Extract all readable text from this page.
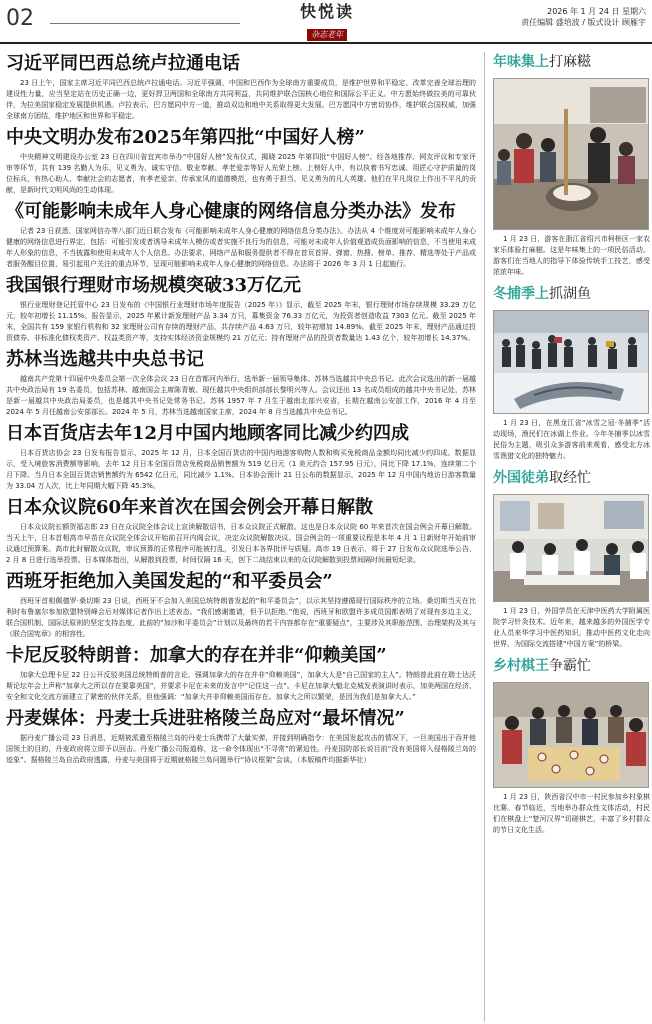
02	快悦读
杂志老年
2026 年 1 月 24 日 星期六
责任编辑 盛培波 / 版式设计 顾雁宇
习近平同巴西总统卢拉通电话

23 日上午，国家主席习近平同巴西总统卢拉通电话。习近平强调，中国和巴西作为全球南方重要成员，是维护世界和平稳定、改革完善全球治理的建设性力量，应当坚定站在历史正确一边，更好捍卫两国和全球南方共同利益，共同维护联合国核心地位和国际公平正义。中方愿始终做拉美的可靠伙伴，为拉美国家稳定发展提供机遇。卢拉表示，巴方愿同中方一道，推动双边和地中关系取得更大发展。巴方愿同中方密切协作，维护联合国权威，加强全球南方团结，维护地区和世界和平稳定。

中央文明办发布2025年第四批“中国好人榜”

中央精神文明建设办公室 23 日在四川省宜宾市举办“中国好人榜”发布仪式，揭晓 2025 年第四批“中国好人榜”。经各地推荐、网友评议和专家评审等环节，共有 139 名勤人为乐、见义勇为、诚实守信、敬业奉献、孝老爱亲等好人光荣上榜。上榜好人中，有以执着书写忠诚、用匠心守护质量的岗位标兵，有热心助人、奉献社会的志愿者，有孝老爱亲、传承家风的道德模范，也有勇于担当、见义勇为的凡人英雄。他们在平凡岗位上作出不平凡的贡献，是新时代文明风尚的生动体现。

《可能影响未成年人身心健康的网络信息分类办法》发布

记者 23 日获悉，国家网信办等八部门近日联合发布《可能影响未成年人身心健康的网络信息分类办法》。办法从 4 个维度对可能影响未成年人身心健康的网络信息进行界定，包括：可能引发或者诱导未成年人模仿或者实施不良行为的信息，可能对未成年人价值观造成负面影响的信息，不当使用未成年人形象的信息，不当披露和使用未成年人个人信息。办法要求，网络产品和服务提供者不得在首页首屏、弹窗、热搜、榜单、推荐、精选等处于产品或者服务醒目位置、易引起用户关注的重点环节，呈现可能影响未成年人身心健康的网络信息。办法将于 2026 年 3 月 1 日起施行。

我国银行理财市场规模突破33万亿元

银行业理财登记托管中心 23 日发布的《中国银行业理财市场年度报告（2025 年）》显示，截至 2025 年末，银行理财市场存续规模 33.29 万亿元，较年初增长 11.15%。报告显示，2025 年累计新发理财产品 3.34 万只，募集资金 76.33 万亿元，为投资者创造收益 7303 亿元。截至 2025 年末，全国共有 159 家银行机构和 32 家理财公司有存续的理财产品，共存续产品 4.63 万只，较年初增加 14.89%。截至 2025 年末，理财产品通过投资债券、非标准化债权类资产、权益类资产等，支持实体经济资金规模约 21 万亿元；持有理财产品的投资者数量达 1.43 亿个，较年初增长 14.37%。

苏林当选越共中央总书记

越南共产党第十四届中央委员会第一次全体会议 23 日在首都河内举行，选举新一届领导集体。苏林当选越共中央总书记。此次会议选出的新一届越共中央政治局有 19 名委员，包括苏林、越南国会主席陈青敏、现任越共中央组织部部长黎明兴等人。会议还出 13 名成员组成的越共中央书记处，苏林是新一届越共中央政治局委员，也是越共中央书记处常务书记。苏林 1957 年 7 月生于越南北部兴安省，长期在越南公安部工作，2016 年 4 月至 2024 年 5 月任越南公安部部长。2024 年 5 月，苏林当选越南国家主席，2024 年 8 月当选越共中央总书记。

日本百货店去年12月中国内地顾客同比减少约四成

日本百货店协会 23 日发布报告显示，2025 年 12 月，日本全国百货店的中国内地游客购物人数和购买免税商品金额均同比减少约四成。数据显示，受入境旅客消费额等影响，去年 12 月日本全国百货店免税商品销售额为 519 亿日元（1 美元约合 157.95 日元），同比下降 17.1%，连续第二个月下降。当月日本全国百货店销售额约为 6542 亿日元，同比减少 1.1%。日本协会预计 21 日公布的数据显示，2025 年 12 月中国内地访日游客数量为 33.04 万人次，比上年同期大幅下降 45.3%。

日本众议院60年来首次在国会例会开幕日解散

日本众议院长额贺福志郎 23 日在众议院全体会议上宣读解散诏书，日本众议院正式解散。这也是日本众议院 60 年来首次在国会例会开幕日解散。当天上午，日本首相高市早苗在众议院全体会议开始前召开内阁会议，决定众议院解散决议。国会例会的一项重要议程是本年 4 月 1 日新财年开始前审议通过预算案。高市此时解散众议院，审议预算的正常程序可能被打乱，引发日本各界批评与质疑。高市 19 日表示，将于 27 日发布众议院选举公告，2 月 8 日进行选举投票。日本媒体指出，从解散到投票，时间仅隔 16 天，创下二战结束以来的众议院解散到投票间隔时间最短纪录。

西班牙拒绝加入美国发起的“和平委员会”

西班牙首相佩德罗·桑切斯 23 日说，西班牙不会加入美国总统特朗普发起的“和平委员会”，以示其坚持遵循现行国际秩序的立场。桑切斯当天在比利时布鲁塞尔参加欧盟特别峰会后对媒体记者作出上述表态。“我们感谢邀请，但予以拒绝。”他说，西班牙和欧盟许多成员国都表明了对现有多边主义、联合国机制、国际法原则的坚定支持态度，此前的“加沙和平委员会”计划以及最终的若干内容都存在“重要疑点”，主要涉及其职能范围、治理架构及其与《联合国宪章》的相容性。

卡尼反驳特朗普：加拿大的存在并非“仰赖美国”

加拿大总理卡尼 22 日公开反驳美国总统特朗普的言论，强调加拿大的存在并非“仰赖美国”，加拿大人是“自己国家的主人”。特朗普此前在瑞士达沃斯论坛年会上声称“加拿大之所以存在要靠美国”，并要求卡尼在未来的发言中“记住这一点”。卡尼在加拿大魁北克城发表演讲时表示，加美两国在经济、安全和文化交流方面建立了紧密的伙伴关系，但他强调：“加拿大并非仰赖美国而存在。加拿大之所以繁荣，是因为我们是加拿大人。”

丹麦媒体：丹麦士兵进驻格陵兰岛应对“最坏情况”

据丹麦广播公司 23 日消息，近期被派遣至格陵兰岛的丹麦士兵携带了大量实弹，并接到明确指令：在美国发起攻击的情况下，一旦美国出于吞并他国领土的目的，丹麦政府将立即予以回击。丹麦广播公司报道称，这一命令体现出“不寻常”的紧迫性。丹麦国防部长说目前“没有美国将入侵格陵兰岛的迹象”。据格陵兰岛自治政府透露，丹麦与美国将于近期就格陵兰岛问题举行“协议框架”会谈。（本版稿件均据新华社）

年味集上打麻糍
1 月 23 日，游客在浙江省绍兴市柯桥区一家农家乐体验打麻糍。这是年味集上的一项民俗活动。游客们在当地人的指导下体验传统手工技艺，感受浓浓年味。
冬捕季上抓湖鱼
1 月 23 日，在黑龙江省“冰雪之冠·冬捕季”活动现场，渔民们在冰湖上作业。今年冬捕季以冰雪民俗为主题，吸引众多游客前来观看，感受北方冰雪渔猎文化的独特魅力。
外国徒弟取经忙
1 月 23 日，外国学员在天津中医药大学附属医院学习针灸技术。近年来，越来越多的外国医学专业人员来华学习中医药知识，推动中医药文化走向世界，为国际交流搭建“中国方案”的桥梁。
乡村棋王争霸忙
1 月 23 日，陕西省汉中市一村民参加乡村象棋比赛。春节临近，当地举办群众性文体活动，村民们在棋盘上“楚河汉界”切磋棋艺，丰富了乡村群众的节日文化生活。
